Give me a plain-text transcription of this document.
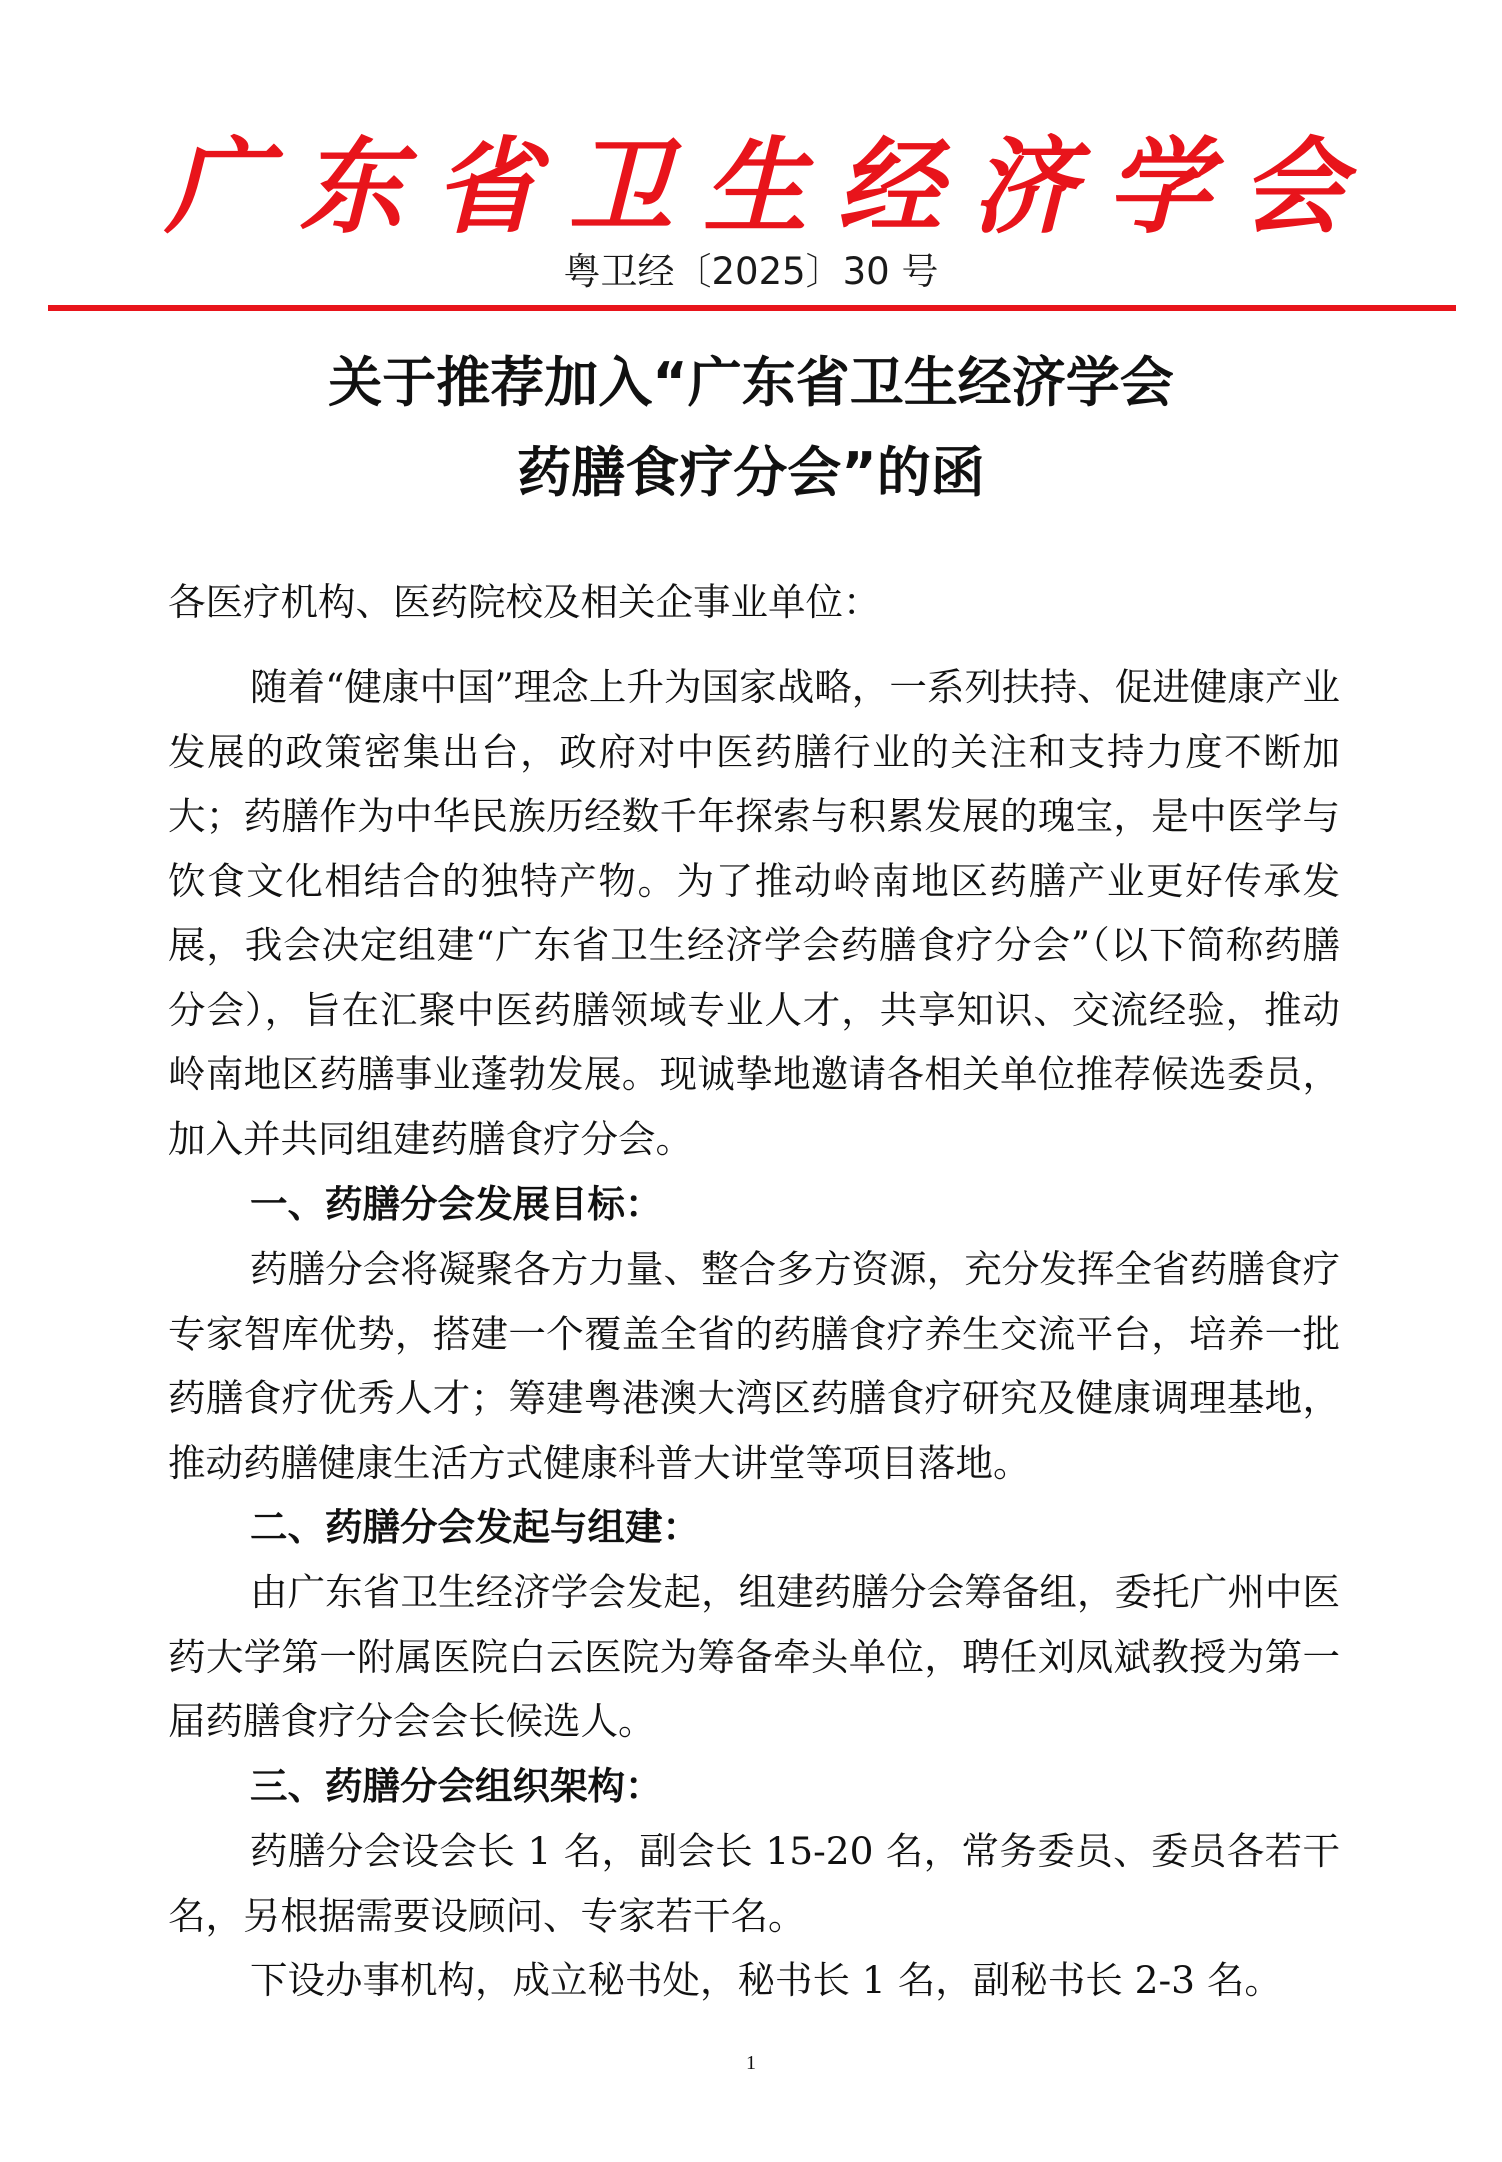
广 东 省 卫 生 经 济 学 会
粤卫经〔2025〕30 号
关于推荐加入“广东省卫生经济学会
药膳食疗分会”的函
各医疗机构、医药院校及相关企事业单位：
随着“健康中国”理念上升为国家战略，一系列扶持、促进健康产业发展的政策密集出台，政府对中医药膳行业的关注和支持力度不断加大；药膳作为中华民族历经数千年探索与积累发展的瑰宝，是中医学与饮食文化相结合的独特产物。为了推动岭南地区药膳产业更好传承发展，我会决定组建“广东省卫生经济学会药膳食疗分会”（以下简称药膳分会），旨在汇聚中医药膳领域专业人才，共享知识、交流经验，推动岭南地区药膳事业蓬勃发展。现诚挚地邀请各相关单位推荐候选委员，加入并共同组建药膳食疗分会。
一、药膳分会发展目标：
药膳分会将凝聚各方力量、整合多方资源，充分发挥全省药膳食疗专家智库优势，搭建一个覆盖全省的药膳食疗养生交流平台，培养一批药膳食疗优秀人才；筹建粤港澳大湾区药膳食疗研究及健康调理基地，推动药膳健康生活方式健康科普大讲堂等项目落地。
二、药膳分会发起与组建：
由广东省卫生经济学会发起，组建药膳分会筹备组，委托广州中医药大学第一附属医院白云医院为筹备牵头单位，聘任刘凤斌教授为第一届药膳食疗分会会长候选人。
三、药膳分会组织架构：
药膳分会设会长 1 名，副会长 15-20 名，常务委员、委员各若干名，另根据需要设顾问、专家若干名。
下设办事机构，成立秘书处，秘书长 1 名，副秘书长 2-3 名。
1
